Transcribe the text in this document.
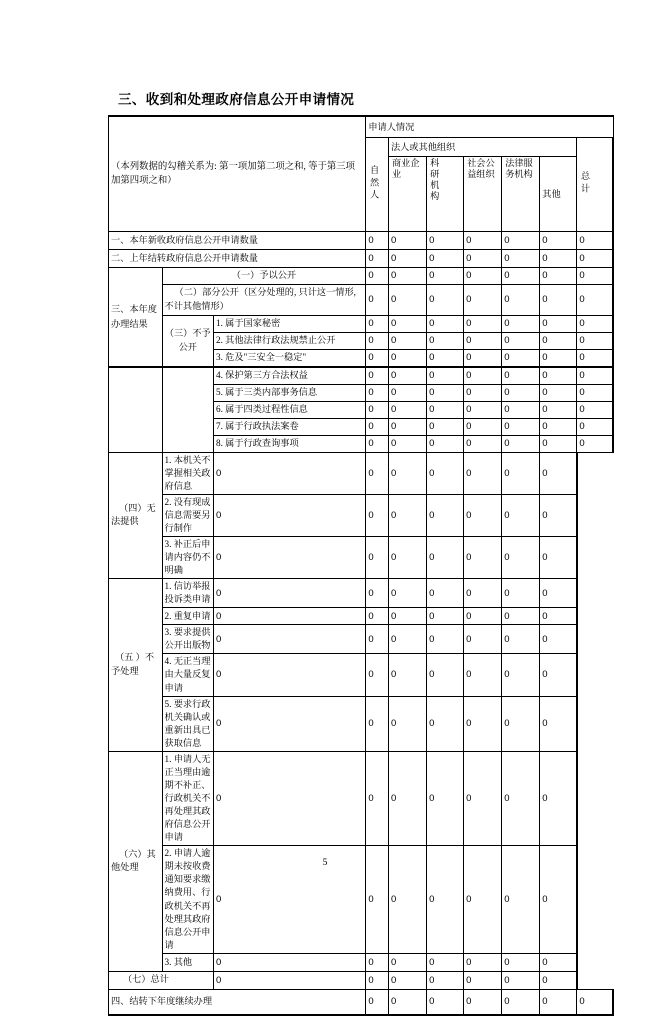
三、收到和处理政府信息公开申请情况
（本列数据的勾稽关系为: 第一项加第二项之和, 等于第三项加第四项之和）			申请人情况						
			自然人	法人或其他组织					总计
				商业企业	科研机构	社会公益组织	法律服务机构	其他	
一、本年新收政府信息公开申请数量			0	0	0	0	0	0	0
二、上年结转政府信息公开申请数量			0	0	0	0	0	0	0
三、本年度办理结果	（一）予以公开		0	0	0	0	0	0	0
	（二）部分公开（区分处理的, 只计这一情形, 不计其他情形）		0	0	0	0	0	0	0
	（三）不予公开	1. 属于国家秘密	0	0	0	0	0	0	0
		2. 其他法律行政法规禁止公开	0	0	0	0	0	0	0
		3. 危及"三安全一稳定"	0	0	0	0	0	0	0
		4. 保护第三方合法权益	0	0	0	0	0	0	0
		5. 属于三类内部事务信息	0	0	0	0	0	0	0
		6. 属于四类过程性信息	0	0	0	0	0	0	0
		7. 属于行政执法案卷	0	0	0	0	0	0	0
		8. 属于行政查询事项	0	0	0	0	0	0	0
（四）无法提供	1. 本机关不掌握相关政府信息	0	0	0	0	0	0	0	
	2. 没有现成信息需要另行制作	0	0	0	0	0	0	0	
	3. 补正后申请内容仍不明确	0	0	0	0	0	0	0	
（五 ）不予处理	1. 信访举报投诉类申请	0	0	0	0	0	0	0	
	2. 重复申请	0	0	0	0	0	0	0	
	3. 要求提供公开出版物	0	0	0	0	0	0	0	
	4. 无正当理由大量反复申请	0	0	0	0	0	0	0	
	5. 要求行政机关确认或重新出具已获取信息	0	0	0	0	0	0	0	
（六）其他处理	1. 申请人无正当理由逾期不补正、行政机关不再处理其政府信息公开申请	0	0	0	0	0	0	0	
	2. 申请人逾期未按收费通知要求缴纳费用、行政机关不再处理其政府信息公开申请	0	0	0	0	0	0	0	
	3. 其他	0	0	0	0	0	0	0	
（七）总计		0	0	0	0	0	0	0	
四、结转下年度继续办理			0	0	0	0	0	0	0
5
